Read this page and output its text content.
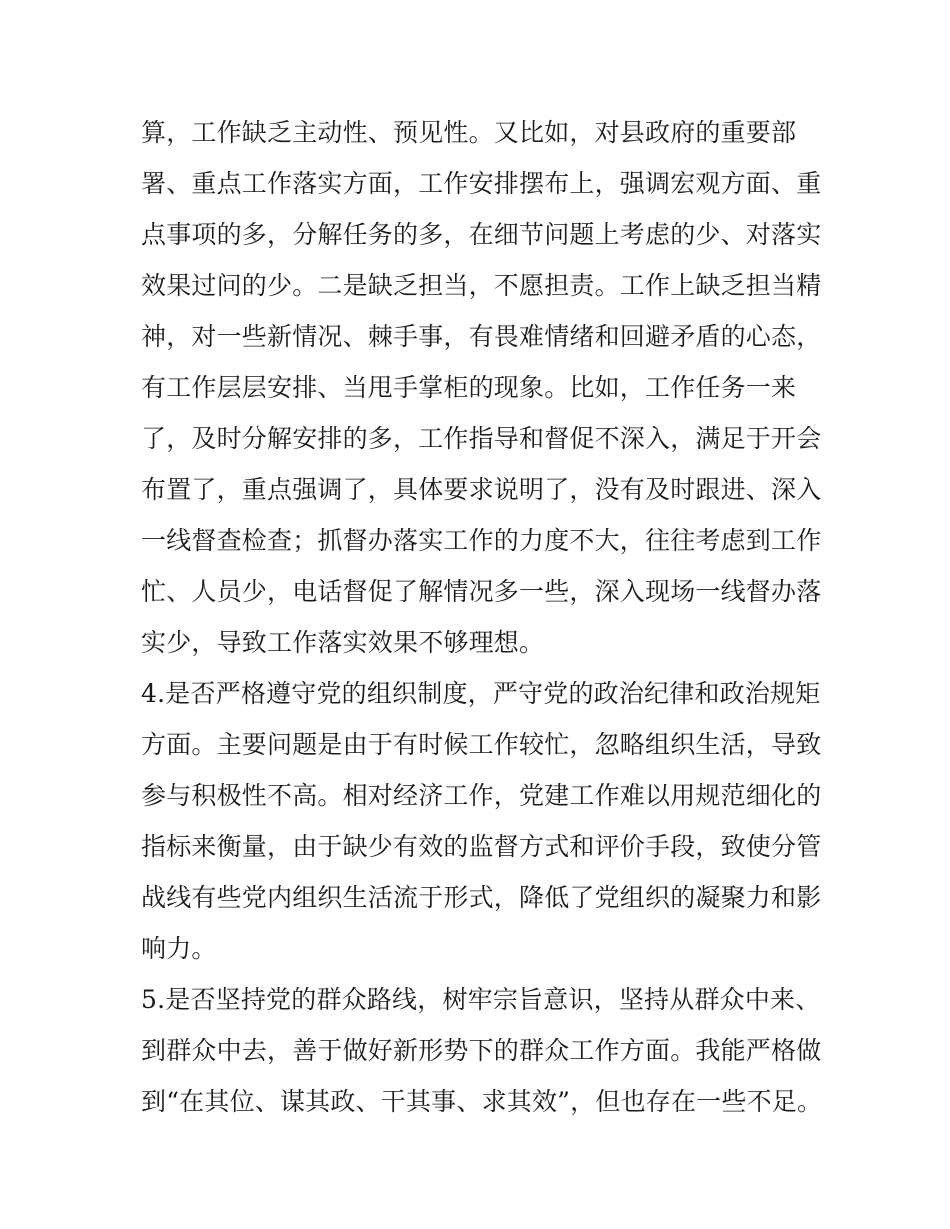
算，工作缺乏主动性、预见性。又比如，对县政府的重要部
署、重点工作落实方面，工作安排摆布上，强调宏观方面、重
点事项的多，分解任务的多，在细节问题上考虑的少、对落实
效果过问的少。二是缺乏担当，不愿担责。工作上缺乏担当精
神，对一些新情况、棘手事，有畏难情绪和回避矛盾的心态，
有工作层层安排、当甩手掌柜的现象。比如，工作任务一来
了，及时分解安排的多，工作指导和督促不深入，满足于开会
布置了，重点强调了，具体要求说明了，没有及时跟进、深入
一线督查检查；抓督办落实工作的力度不大，往往考虑到工作
忙、人员少，电话督促了解情况多一些，深入现场一线督办落
实少，导致工作落实效果不够理想。
4.是否严格遵守党的组织制度，严守党的政治纪律和政治规矩
方面。主要问题是由于有时候工作较忙，忽略组织生活，导致
参与积极性不高。相对经济工作，党建工作难以用规范细化的
指标来衡量，由于缺少有效的监督方式和评价手段，致使分管
战线有些党内组织生活流于形式，降低了党组织的凝聚力和影
响力。
5.是否坚持党的群众路线，树牢宗旨意识，坚持从群众中来、
到群众中去，善于做好新形势下的群众工作方面。我能严格做
到“在其位、谋其政、干其事、求其效”，但也存在一些不足。
